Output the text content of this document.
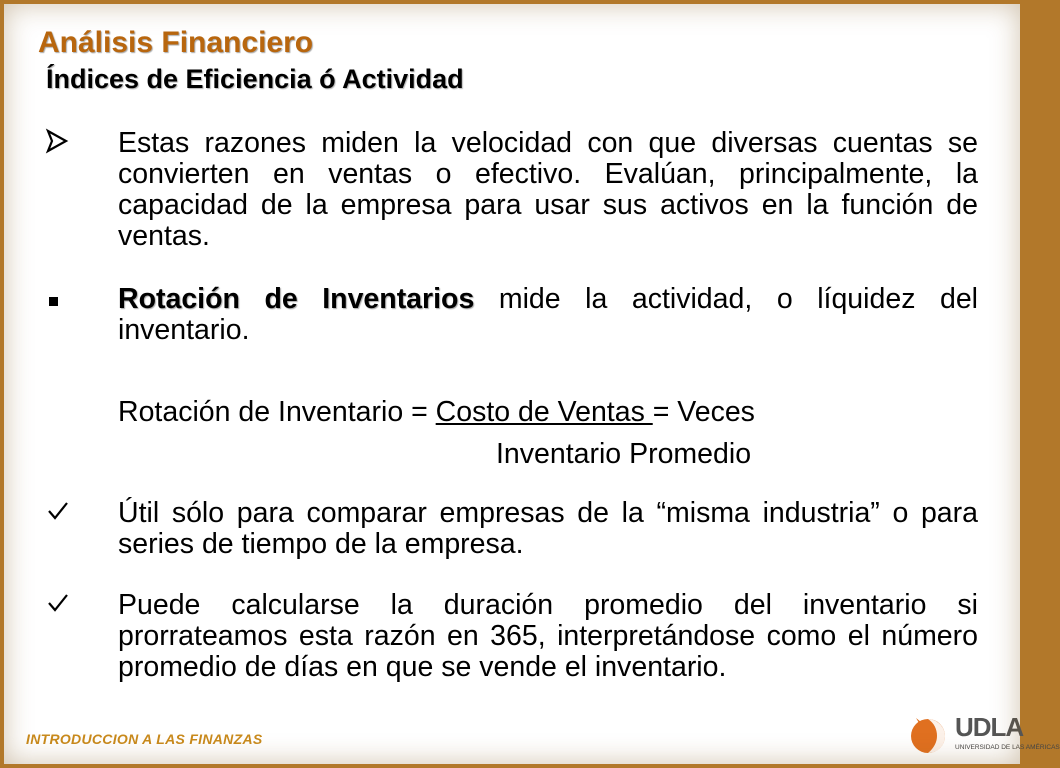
Análisis Financiero
Índices de Eficiencia ó Actividad

Estas razones miden la velocidad con que diversas cuentas se convierten en ventas o efectivo. Evalúan, principalmente, la capacidad de la empresa para usar sus activos en la función de ventas.

Rotación de Inventarios mide la actividad, o líquidez del inventario.

Rotación de Inventario = Costo de Ventas = Veces
Inventario Promedio

Útil sólo para comparar empresas de la “misma industria” o para series de tiempo de la empresa.

Puede calcularse la duración promedio del inventario si prorrateamos esta razón en 365, interpretándose como el número promedio de días en que se vende el inventario.

INTRODUCCION A LAS FINANZAS	UDLA
UNIVERSIDAD DE LAS AMÉRICAS
